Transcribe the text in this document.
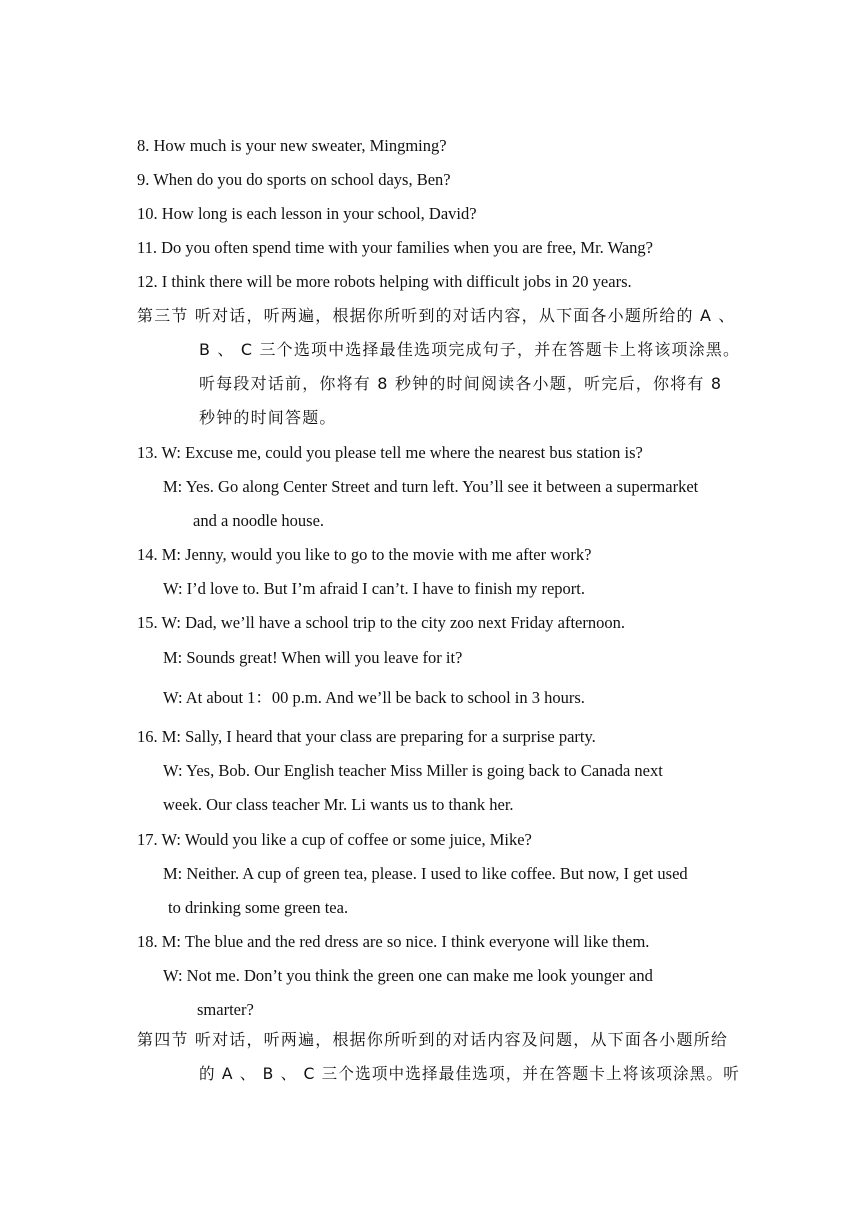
8. How much is your new sweater, Mingming?
9. When do you do sports on school days, Ben?
10. How long is each lesson in your school, David?
11. Do you often spend time with your families when you are free, Mr. Wang?
12. I think there will be more robots helping with difficult jobs in 20 years.
第三节 听对话，听两遍，根据你所听到的对话内容，从下面各小题所给的 A 、
B 、 C 三个选项中选择最佳选项完成句子，并在答题卡上将该项涂黑。
听每段对话前，你将有 8 秒钟的时间阅读各小题，听完后，你将有 8
秒钟的时间答题。
13. W: Excuse me, could you please tell me where the nearest bus station is?
M: Yes. Go along Center Street and turn left. You’ll see it between a supermarket
and a noodle house.
14. M: Jenny, would you like to go to the movie with me after work?
W: I’d love to. But I’m afraid I can’t. I have to finish my report.
15. W: Dad, we’ll have a school trip to the city zoo next Friday afternoon.
M: Sounds great! When will you leave for it?
W: At about 1：00 p.m. And we’ll be back to school in 3 hours.
16. M: Sally, I heard that your class are preparing for a surprise party.
W: Yes, Bob. Our English teacher Miss Miller is going back to Canada next
week. Our class teacher Mr. Li wants us to thank her.
17. W: Would you like a cup of coffee or some juice, Mike?
M: Neither. A cup of green tea, please. I used to like coffee. But now, I get used
to drinking some green tea.
18. M: The blue and the red dress are so nice. I think everyone will like them.
W: Not me. Don’t you think the green one can make me look younger and
smarter?
第四节 听对话，听两遍，根据你所听到的对话内容及问题，从下面各小题所给
的 A 、 B 、 C 三个选项中选择最佳选项，并在答题卡上将该项涂黑。听
